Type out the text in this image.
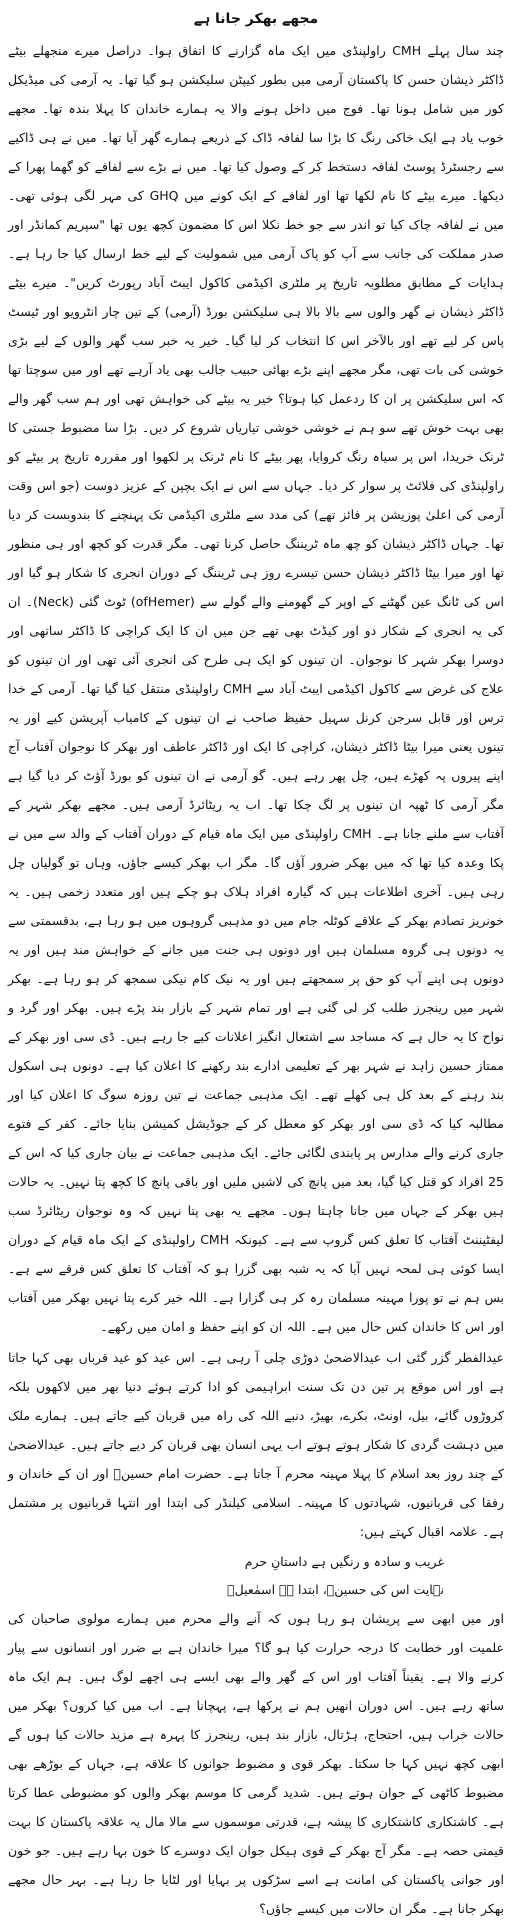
مجھے بھکر جانا ہے

چند سال پہلے CMH راولپنڈی میں ایک ماہ گزارنے کا اتفاق ہوا۔ دراصل میرے منجھلے بیٹے ڈاکٹر ذیشان حسن کا پاکستان آرمی میں بطور کیپٹن سلیکشن ہو گیا تھا۔ یہ آرمی کی میڈیکل کور میں شامل ہونا تھا۔ فوج میں داخل ہونے والا یہ ہمارے خاندان کا پہلا بندہ تھا۔ مجھے خوب یاد ہے ایک خاکی رنگ کا بڑا سا لفافہ ڈاک کے ذریعے ہمارے گھر آیا تھا۔ میں نے ہی ڈاکیے سے رجسٹرڈ پوسٹ لفافہ دستخط کر کے وصول کیا تھا۔ میں نے بڑے سے لفافے کو گھما پھرا کے دیکھا۔ میرے بیٹے کا نام لکھا تھا اور لفافے کے ایک کونے میں GHQ کی مہر لگی ہوئی تھی۔ میں نے لفافہ چاک کیا تو اندر سے جو خط نکلا اس کا مضمون کچھ یوں تھا "سپریم کمانڈر اور صدر مملکت کی جانب سے آپ کو پاک آرمی میں شمولیت کے لیے خط ارسال کیا جا رہا ہے۔ ہدایات کے مطابق مطلوبہ تاریخ پر ملٹری اکیڈمی کاکول ایبٹ آباد رپورٹ کریں"۔ میرے بیٹے ڈاکٹر ذیشان نے گھر والوں سے بالا بالا ہی سلیکشن بورڈ (آرمی) کے تین چار انٹرویو اور ٹیسٹ پاس کر لیے تھے اور بالآخر اس کا انتخاب کر لیا گیا۔ خیر یہ خبر سب گھر والوں کے لیے بڑی خوشی کی بات تھی، مگر مجھے اپنے بڑے بھائی حبیب جالب بھی یاد آرہے تھے اور میں سوچتا تھا کہ اس سلیکشن پر ان کا ردعمل کیا ہوتا؟ خیر یہ بیٹے کی خواہش تھی اور ہم سب گھر والے بھی بہت خوش تھے سو ہم نے خوشی خوشی تیاریاں شروع کر دیں۔ بڑا سا مضبوط جستی کا ٹرنک خریدا، اس پر سیاہ رنگ کروایا، پھر بیٹے کا نام ٹرنک پر لکھوا اور مقررہ تاریخ پر بیٹے کو راولپنڈی کی فلائٹ پر سوار کر دیا۔ جہاں سے اس نے ایک بچپن کے عزیز دوست (جو اس وقت آرمی کی اعلیٰ پوزیشن پر فائز تھے) کی مدد سے ملٹری اکیڈمی تک پہنچنے کا بندوبست کر دیا تھا۔ جہاں ڈاکٹر ذیشان کو چھ ماہ ٹریننگ حاصل کرنا تھی۔ مگر قدرت کو کچھ اور ہی منظور تھا اور میرا بیٹا ڈاکٹر ذیشان حسن تیسرے روز ہی ٹریننگ کے دوران انجری کا شکار ہو گیا اور اس کی ٹانگ عین گھٹنے کے اوپر کے گھومنے والے گولے سے (ofHemer) ٹوٹ گئی (Neck)۔ ان کی یہ انجری کے شکار دو اور کیڈٹ بھی تھے جن میں ان کا ایک کراچی کا ڈاکٹر ساتھی اور دوسرا بھکر شہر کا نوجوان۔ ان تینوں کو ایک ہی طرح کی انجری آئی تھی اور ان تینوں کو علاج کی غرض سے کاکول اکیڈمی ایبٹ آباد سے CMH راولپنڈی منتقل کیا گیا تھا۔ آرمی کے خدا ترس اور قابل سرجن کرنل سہیل حفیظ صاحب نے ان تینوں کے کامیاب آپریشن کیے اور یہ تینوں یعنی میرا بیٹا ڈاکٹر ذیشان، کراچی کا ایک اور ڈاکٹر عاطف اور بھکر کا نوجوان آفتاب آج اپنے پیروں پہ کھڑے ہیں، چل پھر رہے ہیں۔ گو آرمی نے ان تینوں کو بورڈ آؤٹ کر دیا گیا ہے مگر آرمی کا ٹھپہ ان تینوں پر لگ چکا تھا۔ اب یہ ریٹائرڈ آرمی ہیں۔ مجھے بھکر شہر کے آفتاب سے ملنے جانا ہے۔ CMH راولپنڈی میں ایک ماہ قیام کے دوران آفتاب کے والد سے میں نے پکا وعدہ کیا تھا کہ میں بھکر ضرور آؤں گا۔ مگر اب بھکر کیسے جاؤں، وہاں تو گولیاں چل رہی ہیں۔ آخری اطلاعات ہیں کہ گیارہ افراد ہلاک ہو چکے ہیں اور متعدد زخمی ہیں۔ یہ خونریز تصادم بھکر کے علاقے کوٹلہ جام میں دو مذہبی گروہوں میں ہو رہا ہے، بدقسمتی سے یہ دونوں ہی گروہ مسلمان ہیں اور دونوں ہی جنت میں جانے کے خواہش مند ہیں اور یہ دونوں ہی اپنے آپ کو حق پر سمجھتے ہیں اور یہ نیک کام نیکی سمجھ کر ہو رہا ہے۔ بھکر شہر میں رینجرز طلب کر لی گئی ہے اور تمام شہر کے بازار بند پڑے ہیں۔ بھکر اور گرد و نواح کا یہ حال ہے کہ مساجد سے اشتعال انگیز اعلانات کیے جا رہے ہیں۔ ڈی سی اور بھکر کے ممتاز حسین زاہد نے شہر بھر کے تعلیمی ادارے بند رکھنے کا اعلان کیا ہے۔ دونوں ہی اسکول بند رہنے کے بعد کل ہی کھلے تھے۔ ایک مذہبی جماعت نے تین روزہ سوگ کا اعلان کیا اور مطالبہ کیا کہ ڈی سی اور بھکر کو معطل کر کے جوڈیشل کمیشن بنایا جائے۔ کفر کے فتوے جاری کرنے والے مدارس پر پابندی لگائی جائے۔ ایک مذہبی جماعت نے بیان جاری کیا کہ اس کے 25 افراد کو قتل کیا گیا، بعد میں پانچ کی لاشیں ملیں اور باقی پانچ کا کچھ پتا نہیں۔ یہ حالات ہیں بھکر کے جہاں میں جانا چاہتا ہوں۔ مجھے یہ بھی پتا نہیں کہ وہ نوجوان ریٹائرڈ سب لیفٹیننٹ آفتاب کا تعلق کس گروپ سے ہے۔ کیونکہ CMH راولپنڈی کے ایک ماہ قیام کے دوران ایسا کوئی ہی لمحہ نہیں آیا کہ یہ شبہ بھی گزرا ہو کہ آفتاب کا تعلق کس فرقے سے ہے۔ بس ہم نے تو پورا مہینہ مسلمان رہ کر ہی گزارا ہے۔ اللہ خیر کرے پتا نہیں بھکر میں آفتاب اور اس کا خاندان کس حال میں ہے۔ اللہ ان کو اپنے حفظ و امان میں رکھے۔

عیدالفطر گزر گئی اب عیدالاضحیٰ دوڑی چلی آ رہی ہے۔ اس عید کو عید قرباں بھی کہا جاتا ہے اور اس موقع پر تین دن تک سنت ابراہیمی کو ادا کرتے ہوئے دنیا بھر میں لاکھوں بلکہ کروڑوں گائے، بیل، اونٹ، بکرے، بھیڑ، دنبے اللہ کی راہ میں قربان کیے جاتے ہیں۔ ہمارے ملک میں دہشت گردی کا شکار ہوتے ہوتے اب یہی انسان بھی قربان کر دیے جاتے ہیں۔ عیدالاضحیٰ کے چند روز بعد اسلام کا پہلا مہینہ محرم آ جاتا ہے۔ حضرت امام حسینؓ اور ان کے خاندان و رفقا کی قربانیوں، شہادتوں کا مہینہ۔ اسلامی کیلنڈر کی ابتدا اور انتہا قربانیوں پر مشتمل ہے۔ علامہ اقبال کہتے ہیں:

غریب و سادہ و رنگیں ہے داستانِ حرم

نہایت اس کی حسینؓ، ابتدا ہے اسمٰعیلؑ

اور میں ابھی سے پریشان ہو رہا ہوں کہ آنے والے محرم میں ہمارے مولوی صاحبان کی علمیت اور خطابت کا درجہ حرارت کیا ہو گا؟ میرا خاندان ہے بے ضرر اور انسانوں سے پیار کرنے والا ہے۔ یقیناً آفتاب اور اس کے گھر والے بھی ایسے ہی اچھے لوگ ہیں۔ ہم ایک ماہ ساتھ رہے ہیں۔ اس دوران انھیں ہم نے پرکھا ہے، پہچانا ہے۔ اب میں کیا کروں؟ بھکر میں حالات خراب ہیں، احتجاج، ہڑتال، بازار بند ہیں، رینجرز کا پہرہ ہے مزید حالات کیا ہوں گے ابھی کچھ نہیں کہا جا سکتا۔ بھکر قوی و مضبوط جوانوں کا علاقہ ہے، جہاں کے بوڑھے بھی مضبوط کاٹھی کے جوان ہوتے ہیں۔ شدید گرمی کا موسم بھکر والوں کو مضبوطی عطا کرتا ہے۔ کاشتکاری کاشتکاری کا پیشہ ہے، قدرتی موسموں سے مالا مال یہ علاقہ پاکستان کا بہت قیمتی حصہ ہے۔ مگر آج بھکر کے قوی ہیکل جوان ایک دوسرے کا خون بہا رہے ہیں۔ جو خون اور جوانی پاکستان کی امانت ہے اسے سڑکوں پر بہایا اور لٹایا جا رہا ہے۔ بہر حال مجھے بھکر جانا ہے۔ مگر ان حالات میں کیسے جاؤں؟
